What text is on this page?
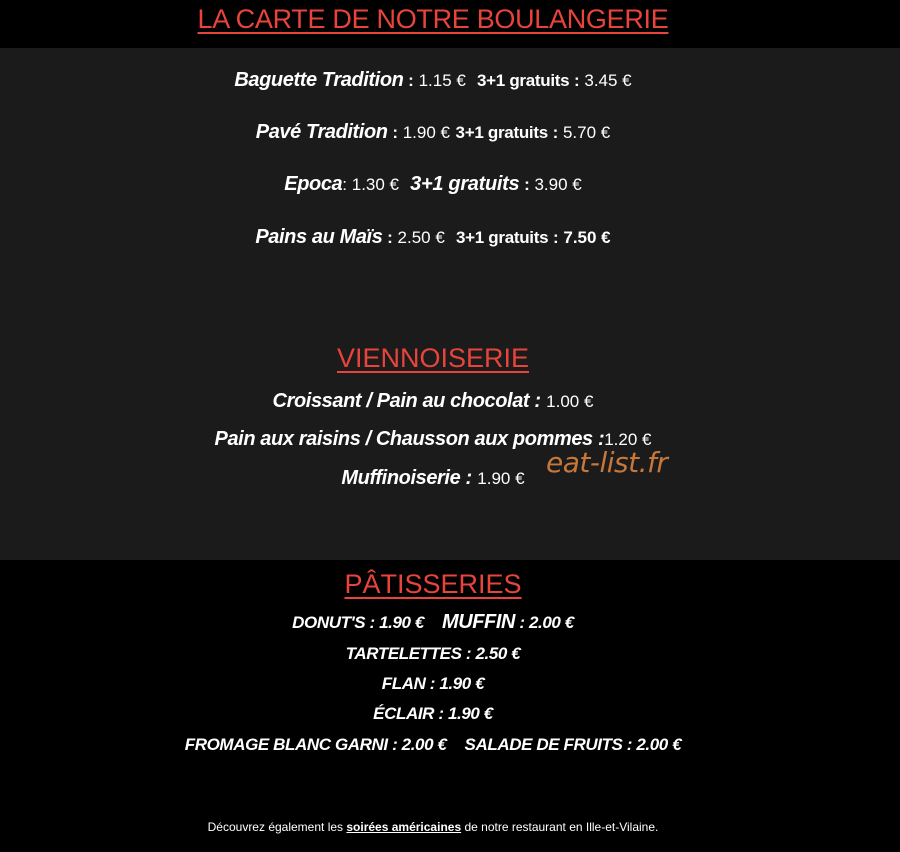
LA CARTE DE NOTRE BOULANGERIE
Baguette Tradition : 1.15 € 3+1 gratuits : 3.45 €
Pavé Tradition : 1.90 € 3+1 gratuits : 5.70 €
Epoca: 1.30 € 3+1 gratuits : 3.90 €
Pains au Maïs : 2.50 € 3+1 gratuits : 7.50 €
VIENNOISERIE
Croissant / Pain au chocolat : 1.00 €
Pain aux raisins / Chausson aux pommes :1.20 €
Muffinoiserie : 1.90 € eat-list.fr
PÂTISSERIES
DONUT'S : 1.90 € MUFFIN : 2.00 €
TARTELETTES : 2.50 €
FLAN : 1.90 €
ÉCLAIR : 1.90 €
FROMAGE BLANC GARNI : 2.00 € SALADE DE FRUITS : 2.00 €
Découvrez également les soirées américaines de notre restaurant en Ille-et-Vilaine.
